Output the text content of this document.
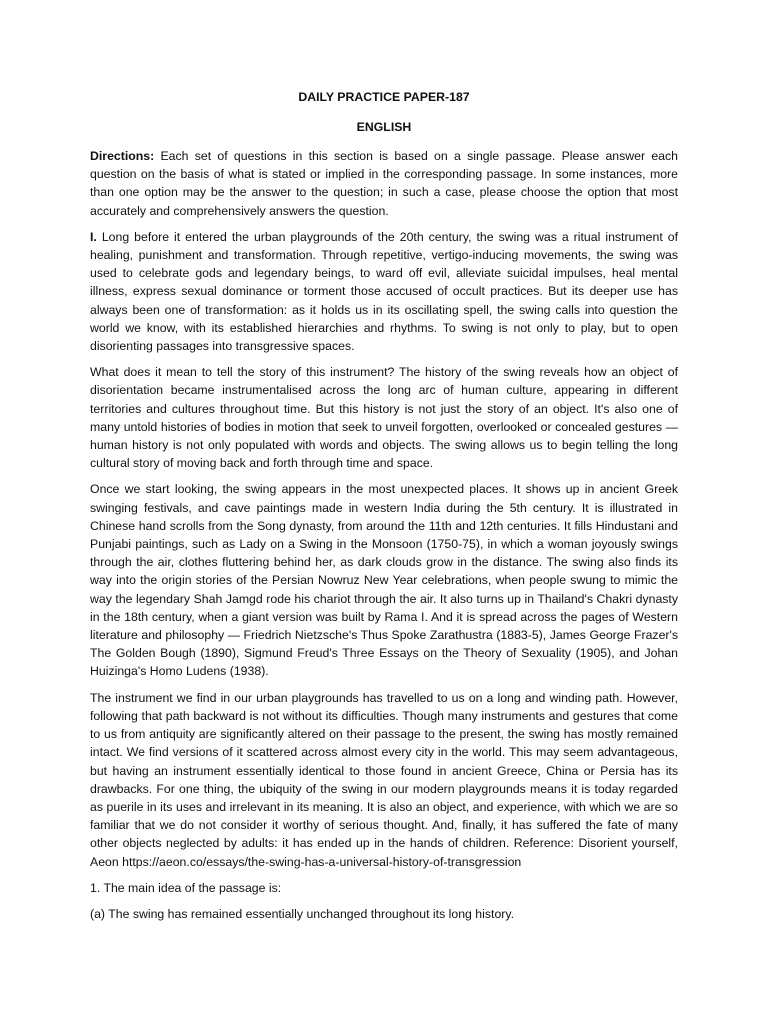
DAILY PRACTICE PAPER-187

ENGLISH

Directions: Each set of questions in this section is based on a single passage. Please answer each question on the basis of what is stated or implied in the corresponding passage. In some instances, more than one option may be the answer to the question; in such a case, please choose the option that most accurately and comprehensively answers the question.

I. Long before it entered the urban playgrounds of the 20th century, the swing was a ritual instrument of healing, punishment and transformation. Through repetitive, vertigo-inducing movements, the swing was used to celebrate gods and legendary beings, to ward off evil, alleviate suicidal impulses, heal mental illness, express sexual dominance or torment those accused of occult practices. But its deeper use has always been one of transformation: as it holds us in its oscillating spell, the swing calls into question the world we know, with its established hierarchies and rhythms. To swing is not only to play, but to open disorienting passages into transgressive spaces.

What does it mean to tell the story of this instrument? The history of the swing reveals how an object of disorientation became instrumentalised across the long arc of human culture, appearing in different territories and cultures throughout time. But this history is not just the story of an object. It's also one of many untold histories of bodies in motion that seek to unveil forgotten, overlooked or concealed gestures — human history is not only populated with words and objects. The swing allows us to begin telling the long cultural story of moving back and forth through time and space.

Once we start looking, the swing appears in the most unexpected places. It shows up in ancient Greek swinging festivals, and cave paintings made in western India during the 5th century. It is illustrated in Chinese hand scrolls from the Song dynasty, from around the 11th and 12th centuries. It fills Hindustani and Punjabi paintings, such as Lady on a Swing in the Monsoon (1750-75), in which a woman joyously swings through the air, clothes fluttering behind her, as dark clouds grow in the distance. The swing also finds its way into the origin stories of the Persian Nowruz New Year celebrations, when people swung to mimic the way the legendary Shah Jamgd rode his chariot through the air. It also turns up in Thailand's Chakri dynasty in the 18th century, when a giant version was built by Rama I. And it is spread across the pages of Western literature and philosophy — Friedrich Nietzsche's Thus Spoke Zarathustra (1883-5), James George Frazer's The Golden Bough (1890), Sigmund Freud's Three Essays on the Theory of Sexuality (1905), and Johan Huizinga's Homo Ludens (1938).

The instrument we find in our urban playgrounds has travelled to us on a long and winding path. However, following that path backward is not without its difficulties. Though many instruments and gestures that come to us from antiquity are significantly altered on their passage to the present, the swing has mostly remained intact. We find versions of it scattered across almost every city in the world. This may seem advantageous, but having an instrument essentially identical to those found in ancient Greece, China or Persia has its drawbacks. For one thing, the ubiquity of the swing in our modern playgrounds means it is today regarded as puerile in its uses and irrelevant in its meaning. It is also an object, and experience, with which we are so familiar that we do not consider it worthy of serious thought. And, finally, it has suffered the fate of many other objects neglected by adults: it has ended up in the hands of children. Reference: Disorient yourself, Aeon https://aeon.co/essays/the-swing-has-a-universal-history-of-transgression

1. The main idea of the passage is:

(a) The swing has remained essentially unchanged throughout its long history.
